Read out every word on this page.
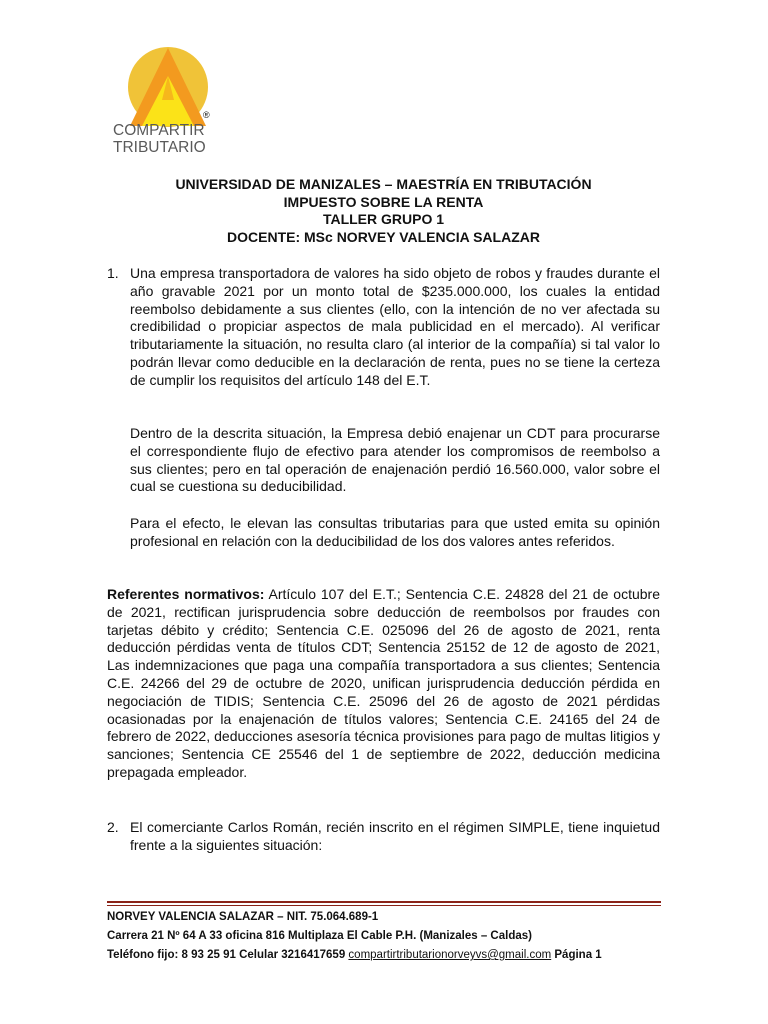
®
COMPARTIR
TRIBUTARIO
UNIVERSIDAD DE MANIZALES – MAESTRÍA EN TRIBUTACIÓN
IMPUESTO SOBRE LA RENTA
TALLER GRUPO 1
DOCENTE: MSc NORVEY VALENCIA SALAZAR
1. Una empresa transportadora de valores ha sido objeto de robos y fraudes durante el año gravable 2021 por un monto total de $235.000.000, los cuales la entidad reembolso debidamente a sus clientes (ello, con la intención de no ver afectada su credibilidad o propiciar aspectos de mala publicidad en el mercado). Al verificar tributariamente la situación, no resulta claro (al interior de la compañía) si tal valor lo podrán llevar como deducible en la declaración de renta, pues no se tiene la certeza de cumplir los requisitos del artículo 148 del E.T.
Dentro de la descrita situación, la Empresa debió enajenar un CDT para procurarse el correspondiente flujo de efectivo para atender los compromisos de reembolso a sus clientes; pero en tal operación de enajenación perdió 16.560.000, valor sobre el cual se cuestiona su deducibilidad.
Para el efecto, le elevan las consultas tributarias para que usted emita su opinión profesional en relación con la deducibilidad de los dos valores antes referidos.
Referentes normativos: Artículo 107 del E.T.; Sentencia C.E. 24828 del 21 de octubre de 2021, rectifican jurisprudencia sobre deducción de reembolsos por fraudes con tarjetas débito y crédito; Sentencia C.E. 025096 del 26 de agosto de 2021, renta deducción pérdidas venta de títulos CDT; Sentencia 25152 de 12 de agosto de 2021, Las indemnizaciones que paga una compañía transportadora a sus clientes; Sentencia C.E. 24266 del 29 de octubre de 2020, unifican jurisprudencia deducción pérdida en negociación de TIDIS; Sentencia C.E. 25096 del 26 de agosto de 2021 pérdidas ocasionadas por la enajenación de títulos valores; Sentencia C.E. 24165 del 24 de febrero de 2022, deducciones asesoría técnica provisiones para pago de multas litigios y sanciones; Sentencia CE 25546 del 1 de septiembre de 2022, deducción medicina prepagada empleador.
2. El comerciante Carlos Román, recién inscrito en el régimen SIMPLE, tiene inquietud frente a la siguientes situación:
NORVEY VALENCIA SALAZAR – NIT. 75.064.689-1
Carrera 21 Nº 64 A 33 oficina 816 Multiplaza El Cable P.H. (Manizales – Caldas)
Teléfono fijo: 8 93 25 91 Celular 3216417659 compartirtributarionorveyvs@gmail.com Página 1
